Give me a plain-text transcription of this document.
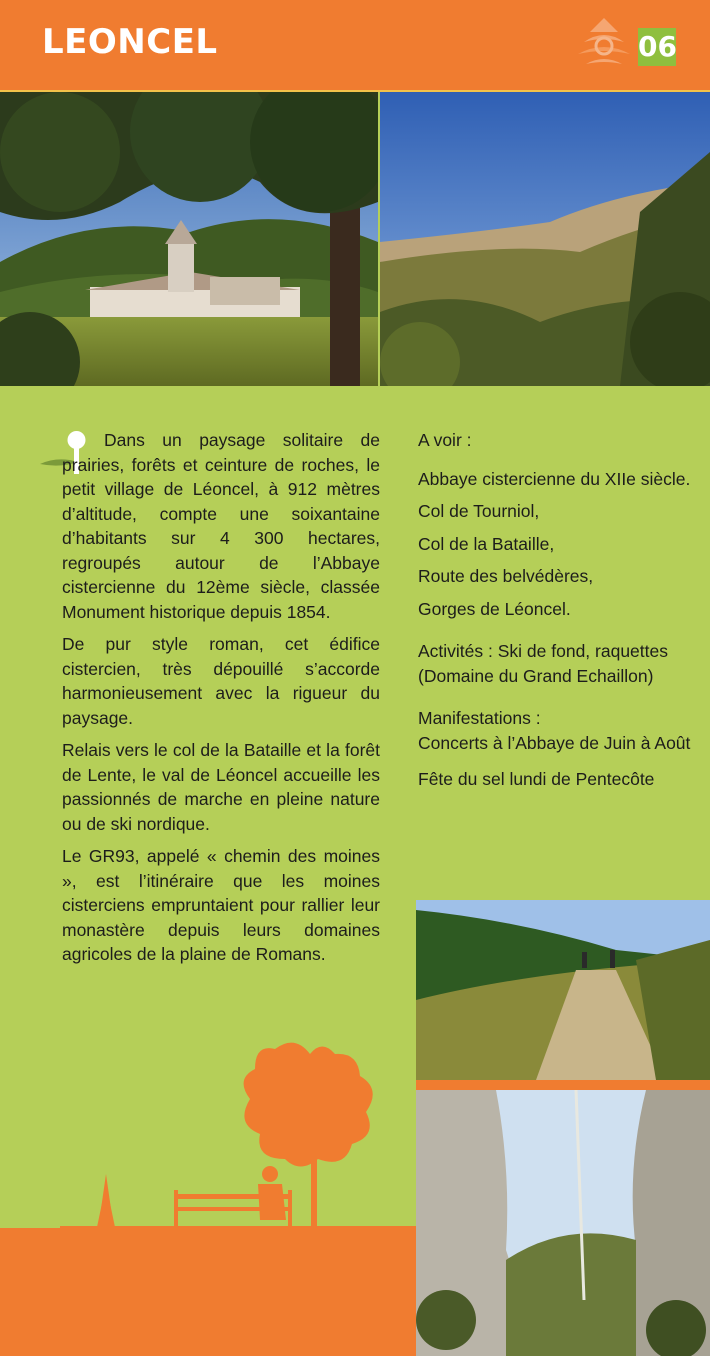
LEONCEL	06

Dans un paysage solitaire de prairies, forêts et ceinture de roches, le petit village de Léoncel, à 912 mètres d’altitude, compte une soixantaine d’habitants sur 4 300 hectares, regroupés autour de l’Abbaye cistercienne du 12ème siècle, classée Monument historique depuis 1854.

De pur style roman, cet édifice cistercien, très dépouillé s’accorde harmonieusement avec la rigueur du paysage.

Relais vers le col de la Bataille et la forêt de Lente, le val de Léoncel accueille les passionnés de marche en pleine nature ou de ski nordique.

Le GR93, appelé « chemin des moines », est l’itinéraire que les moines cisterciens empruntaient pour rallier leur monastère depuis leurs domaines agricoles de la plaine de Romans.

A voir :

Abbaye cistercienne du XIIe siècle.

Col de Tourniol,

Col de la Bataille,

Route des belvédères,

Gorges de Léoncel.

Activités : Ski de fond, raquettes (Domaine du Grand Echaillon)

Manifestations :

Concerts à l’Abbaye de Juin à Août

Fête du sel lundi de Pentecôte
